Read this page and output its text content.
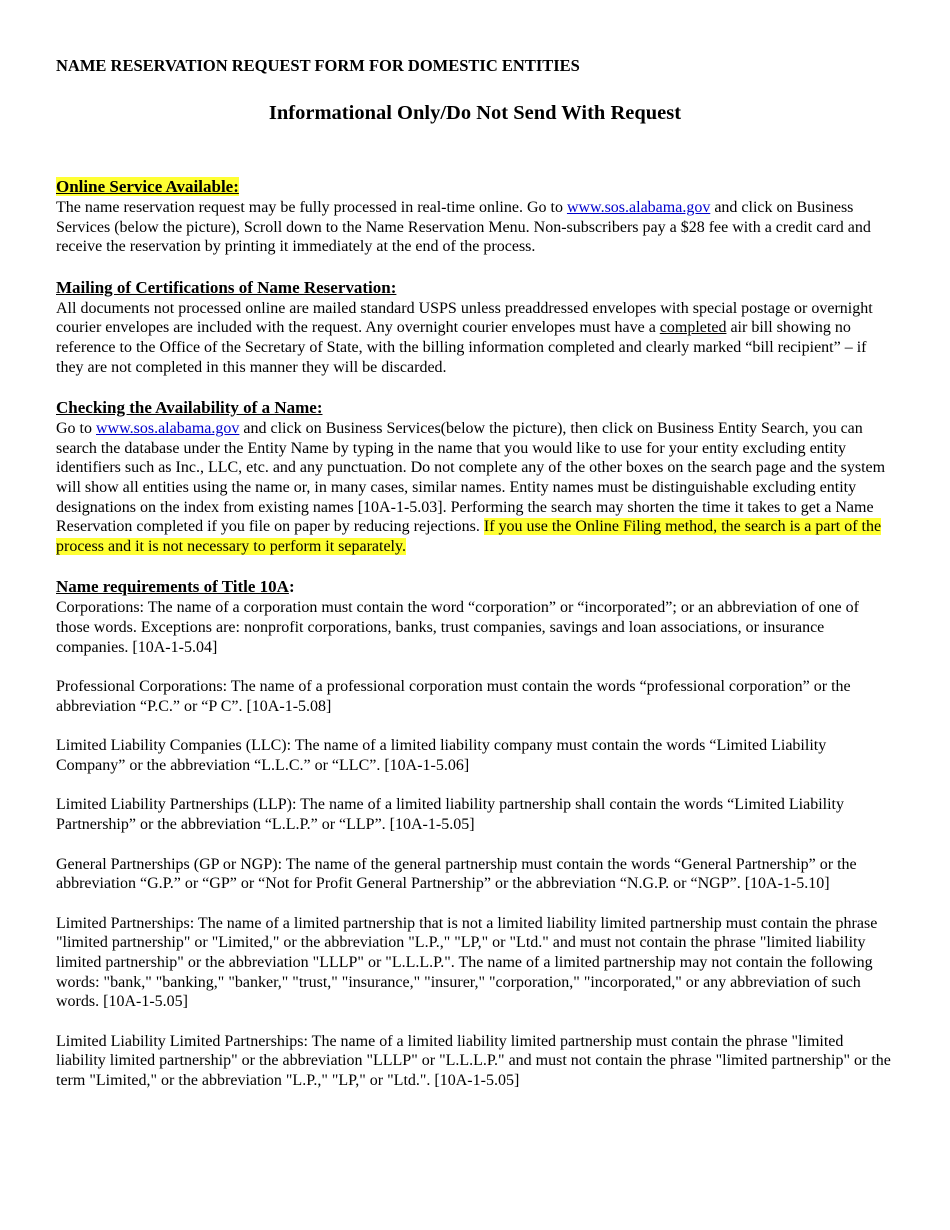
NAME RESERVATION REQUEST FORM FOR DOMESTIC ENTITIES

Informational Only/Do Not Send With Request

Online Service Available:

The name reservation request may be fully processed in real-time online. Go to www.sos.alabama.gov and click on Business Services (below the picture), Scroll down to the Name Reservation Menu. Non-subscribers pay a $28 fee with a credit card and receive the reservation by printing it immediately at the end of the process.

Mailing of Certifications of Name Reservation:

All documents not processed online are mailed standard USPS unless preaddressed envelopes with special postage or overnight courier envelopes are included with the request. Any overnight courier envelopes must have a completed air bill showing no reference to the Office of the Secretary of State, with the billing information completed and clearly marked “bill recipient” – if they are not completed in this manner they will be discarded.

Checking the Availability of a Name:

Go to www.sos.alabama.gov and click on Business Services(below the picture), then click on Business Entity Search, you can search the database under the Entity Name by typing in the name that you would like to use for your entity excluding entity identifiers such as Inc., LLC, etc. and any punctuation. Do not complete any of the other boxes on the search page and the system will show all entities using the name or, in many cases, similar names. Entity names must be distinguishable excluding entity designations on the index from existing names [10A-1-5.03]. Performing the search may shorten the time it takes to get a Name Reservation completed if you file on paper by reducing rejections. If you use the Online Filing method, the search is a part of the process and it is not necessary to perform it separately.

Name requirements of Title 10A:

Corporations: The name of a corporation must contain the word “corporation” or “incorporated”; or an abbreviation of one of those words. Exceptions are: nonprofit corporations, banks, trust companies, savings and loan associations, or insurance companies. [10A-1-5.04]

Professional Corporations: The name of a professional corporation must contain the words “professional corporation” or the abbreviation “P.C.” or “P C”. [10A-1-5.08]

Limited Liability Companies (LLC): The name of a limited liability company must contain the words “Limited Liability Company” or the abbreviation “L.L.C.” or “LLC”. [10A-1-5.06]

Limited Liability Partnerships (LLP): The name of a limited liability partnership shall contain the words “Limited Liability Partnership” or the abbreviation “L.L.P.” or “LLP”. [10A-1-5.05]

General Partnerships (GP or NGP): The name of the general partnership must contain the words “General Partnership” or the abbreviation “G.P.” or “GP” or “Not for Profit General Partnership” or the abbreviation “N.G.P. or “NGP”. [10A-1-5.10]

Limited Partnerships: The name of a limited partnership that is not a limited liability limited partnership must contain the phrase "limited partnership" or "Limited," or the abbreviation "L.P.," "LP," or "Ltd." and must not contain the phrase "limited liability limited partnership" or the abbreviation "LLLP" or "L.L.L.P.". The name of a limited partnership may not contain the following words: "bank," "banking," "banker," "trust," "insurance," "insurer," "corporation," "incorporated," or any abbreviation of such words. [10A-1-5.05]

Limited Liability Limited Partnerships: The name of a limited liability limited partnership must contain the phrase "limited liability limited partnership" or the abbreviation "LLLP" or "L.L.L.P." and must not contain the phrase "limited partnership" or the term "Limited," or the abbreviation "L.P.," "LP," or "Ltd.". [10A-1-5.05]
